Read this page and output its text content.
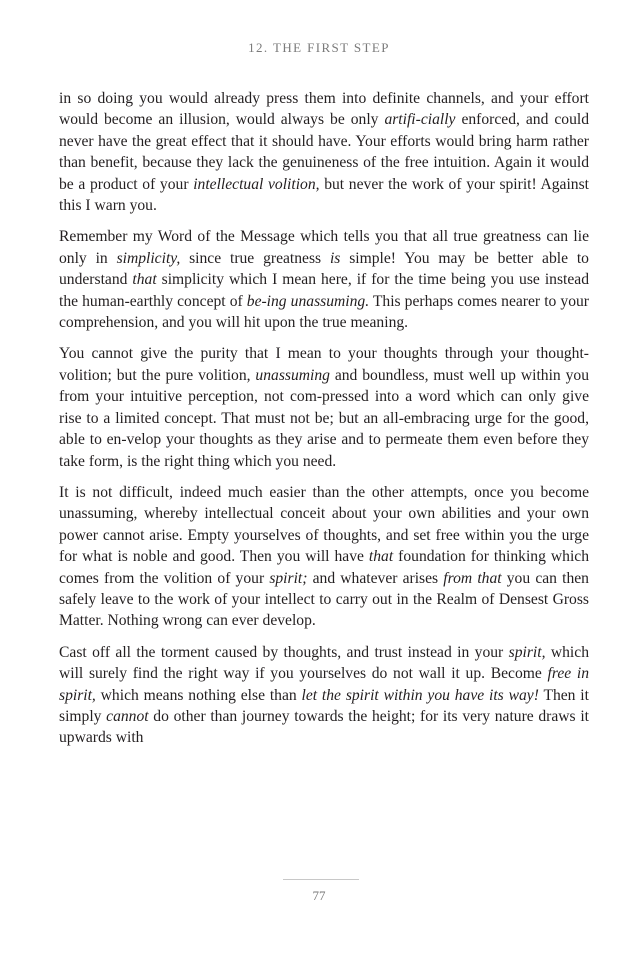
12. THE FIRST STEP

in so doing you would already press them into definite channels, and your effort would become an illusion, would always be only artifi-cially enforced, and could never have the great effect that it should have. Your efforts would bring harm rather than benefit, because they lack the genuineness of the free intuition. Again it would be a product of your intellectual volition, but never the work of your spirit! Against this I warn you.

Remember my Word of the Message which tells you that all true greatness can lie only in simplicity, since true greatness is simple! You may be better able to understand that simplicity which I mean here, if for the time being you use instead the human-earthly concept of be-ing unassuming. This perhaps comes nearer to your comprehension, and you will hit upon the true meaning.

You cannot give the purity that I mean to your thoughts through your thought-volition; but the pure volition, unassuming and boundless, must well up within you from your intuitive perception, not com-pressed into a word which can only give rise to a limited concept. That must not be; but an all-embracing urge for the good, able to en-velop your thoughts as they arise and to permeate them even before they take form, is the right thing which you need.

It is not difficult, indeed much easier than the other attempts, once you become unassuming, whereby intellectual conceit about your own abilities and your own power cannot arise. Empty yourselves of thoughts, and set free within you the urge for what is noble and good. Then you will have that foundation for thinking which comes from the volition of your spirit; and whatever arises from that you can then safely leave to the work of your intellect to carry out in the Realm of Densest Gross Matter. Nothing wrong can ever develop.

Cast off all the torment caused by thoughts, and trust instead in your spirit, which will surely find the right way if you yourselves do not wall it up. Become free in spirit, which means nothing else than let the spirit within you have its way! Then it simply cannot do other than journey towards the height; for its very nature draws it upwards with

77
